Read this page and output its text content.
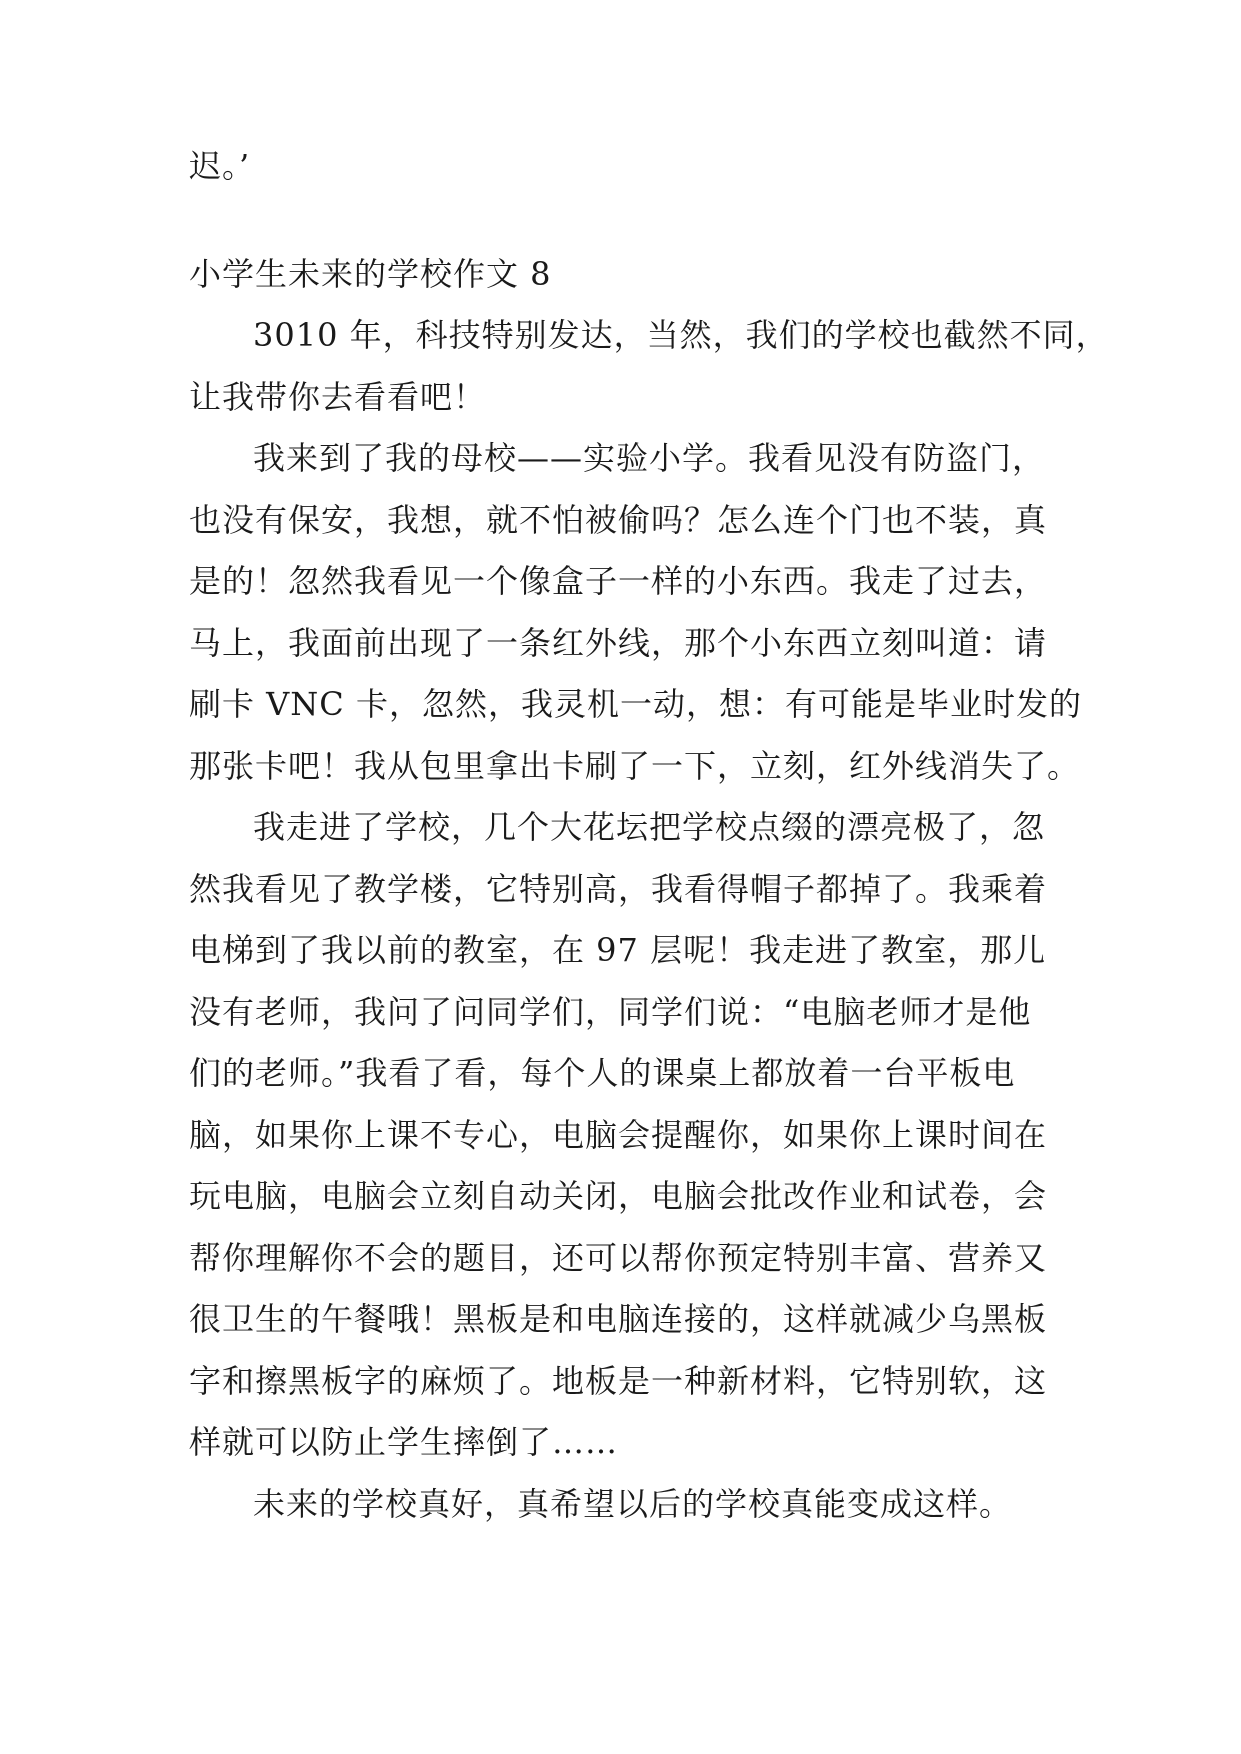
迟。’
小学生未来的学校作文 8
3010 年，科技特别发达，当然，我们的学校也截然不同，
让我带你去看看吧！
我来到了我的母校——实验小学。我看见没有防盗门，
也没有保安，我想，就不怕被偷吗？怎么连个门也不装，真
是的！忽然我看见一个像盒子一样的小东西。我走了过去，
马上，我面前出现了一条红外线，那个小东西立刻叫道：请
刷卡 VNC 卡，忽然，我灵机一动，想：有可能是毕业时发的
那张卡吧！我从包里拿出卡刷了一下，立刻，红外线消失了。
我走进了学校，几个大花坛把学校点缀的漂亮极了，忽
然我看见了教学楼，它特别高，我看得帽子都掉了。我乘着
电梯到了我以前的教室，在 97 层呢！我走进了教室，那儿
没有老师，我问了问同学们，同学们说：“电脑老师才是他
们的老师。”我看了看，每个人的课桌上都放着一台平板电
脑，如果你上课不专心，电脑会提醒你，如果你上课时间在
玩电脑，电脑会立刻自动关闭，电脑会批改作业和试卷，会
帮你理解你不会的题目，还可以帮你预定特别丰富、营养又
很卫生的午餐哦！黑板是和电脑连接的，这样就减少乌黑板
字和擦黑板字的麻烦了。地板是一种新材料，它特别软，这
样就可以防止学生摔倒了……
未来的学校真好，真希望以后的学校真能变成这样。
